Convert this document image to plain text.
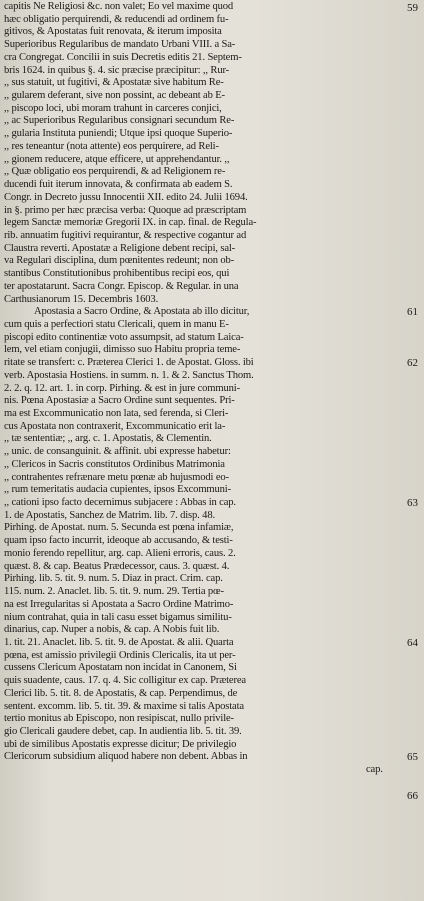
capitis Ne Religiosi &c. non valet; Eo vel maxime quod
hæc obligatio perquirendi, & reducendi ad ordinem fu-
gitivos, & Apostatas fuit renovata, & iterum imposita
Superioribus Regularibus de mandato Urbani VIII. a Sa-
cra Congregat. Concilii in suis Decretis editis 21. Septem-
bris 1624. in quibus §. 4. sic præcise præcipitur: ,, Rur-
,, sus statuit, ut fugitivi, & Apostatæ sive habitum Re-
,, gularem deferant, sive non possint, ac debeant ab E-
,, piscopo loci, ubi moram trahunt in carceres conjici,
,, ac Superioribus Regularibus consignari secundum Re-
,, gularia Instituta puniendi; Utque ipsi quoque Superio-
,, res teneantur (nota attente) eos perquirere, ad Reli-
,, gionem reducere, atque efficere, ut apprehendantur. ,,
,, Quæ obligatio eos perquirendi, & ad Religionem re-
ducendi fuit iterum innovata, & confirmata ab eadem S.
Congr. in Decreto jussu Innocentii XII. edito 24. Julii 1694.
in §. primo per hæc præcisa verba: Quoque ad præscriptam
legem Sanctæ memoriæ Gregorii IX. in cap. final. de Regula-
rib. annuatim fugitivi requirantur, & respective cogantur ad
Claustra reverti. Apostatæ a Religione debent recipi, sal-
va Regulari disciplina, dum pœnitentes redeunt; non ob-
stantibus Constitutionibus prohibentibus recipi eos, qui
ter apostatarunt. Sacra Congr. Episcop. & Regular. in una
Carthusianorum 15. Decembris 1603.
Apostasia a Sacro Ordine, & Apostata ab illo dicitur,
cum quis a perfectiori statu Clericali, quem in manu E-
piscopi edito continentiæ voto assumpsit, ad statum Laica-
lem, vel etiam conjugii, dimisso suo Habitu propria teme-
ritate se transfert: c. Præterea Clerici 1. de Apostat. Gloss. ibi
verb. Apostasia Hostiens. in summ. n. 1. & 2. Sanctus Thom.
2. 2. q. 12. art. 1. in corp. Pirhing. & est in jure communi-
nis. Pœna Apostasiæ a Sacro Ordine sunt sequentes. Pri-
ma est Excommunicatio non lata, sed ferenda, si Cleri-
cus Apostata non contraxerit, Excommunicatio erit la-
,, tæ sententiæ; ,, arg. c. 1. Apostatis, & Clementin.
,, unic. de consanguinit. & affinit. ubi expresse habetur:
,, Clericos in Sacris constitutos Ordinibus Matrimonia
,, contrahentes refrænare metu pœnæ ab hujusmodi eo-
,, rum temeritatis audacia cupientes, ipsos Excommuni-
,, cationi ipso facto decernimus subjacere : Abbas in cap.
1. de Apostatis, Sanchez de Matrim. lib. 7. disp. 48.
Pirhing. de Apostat. num. 5. Secunda est pœna infamiæ,
quam ipso facto incurrit, ideoque ab accusando, & testi-
monio ferendo repellitur, arg. cap. Alieni erroris, caus. 2.
quæst. 8. & cap. Beatus Prædecessor, caus. 3. quæst. 4.
Pirhing. lib. 5. tit. 9. num. 5. Diaz in pract. Crim. cap.
115. num. 2. Anaclet. lib. 5. tit. 9. num. 29. Tertia pœ-
na est Irregularitas si Apostata a Sacro Ordine Matrimo-
nium contrahat, quia in tali casu esset bigamus similitu-
dinarius, cap. Nuper a nobis, & cap. A Nobis fuit lib.
1. tit. 21. Anaclet. lib. 5. tit. 9. de Apostat. & alii. Quarta
pœna, est amissio privilegii Ordinis Clericalis, ita ut per-
cussens Clericum Apostatam non incidat in Canonem, Si
quis suadente, caus. 17. q. 4. Sic colligitur ex cap. Præterea
Clerici lib. 5. tit. 8. de Apostatis, & cap. Perpendimus, de
sentent. excomm. lib. 5. tit. 39. & maxime si talis Apostata
tertio monitus ab Episcopo, non resipiscat, nullo privile-
gio Clericali gaudere debet, cap. In audientia lib. 5. tit. 39.
ubi de similibus Apostatis expresse dicitur; De privilegio
Clericorum subsidium aliquod habere non debent. Abbas in
cap.
59
61
62
63
64
65
66
